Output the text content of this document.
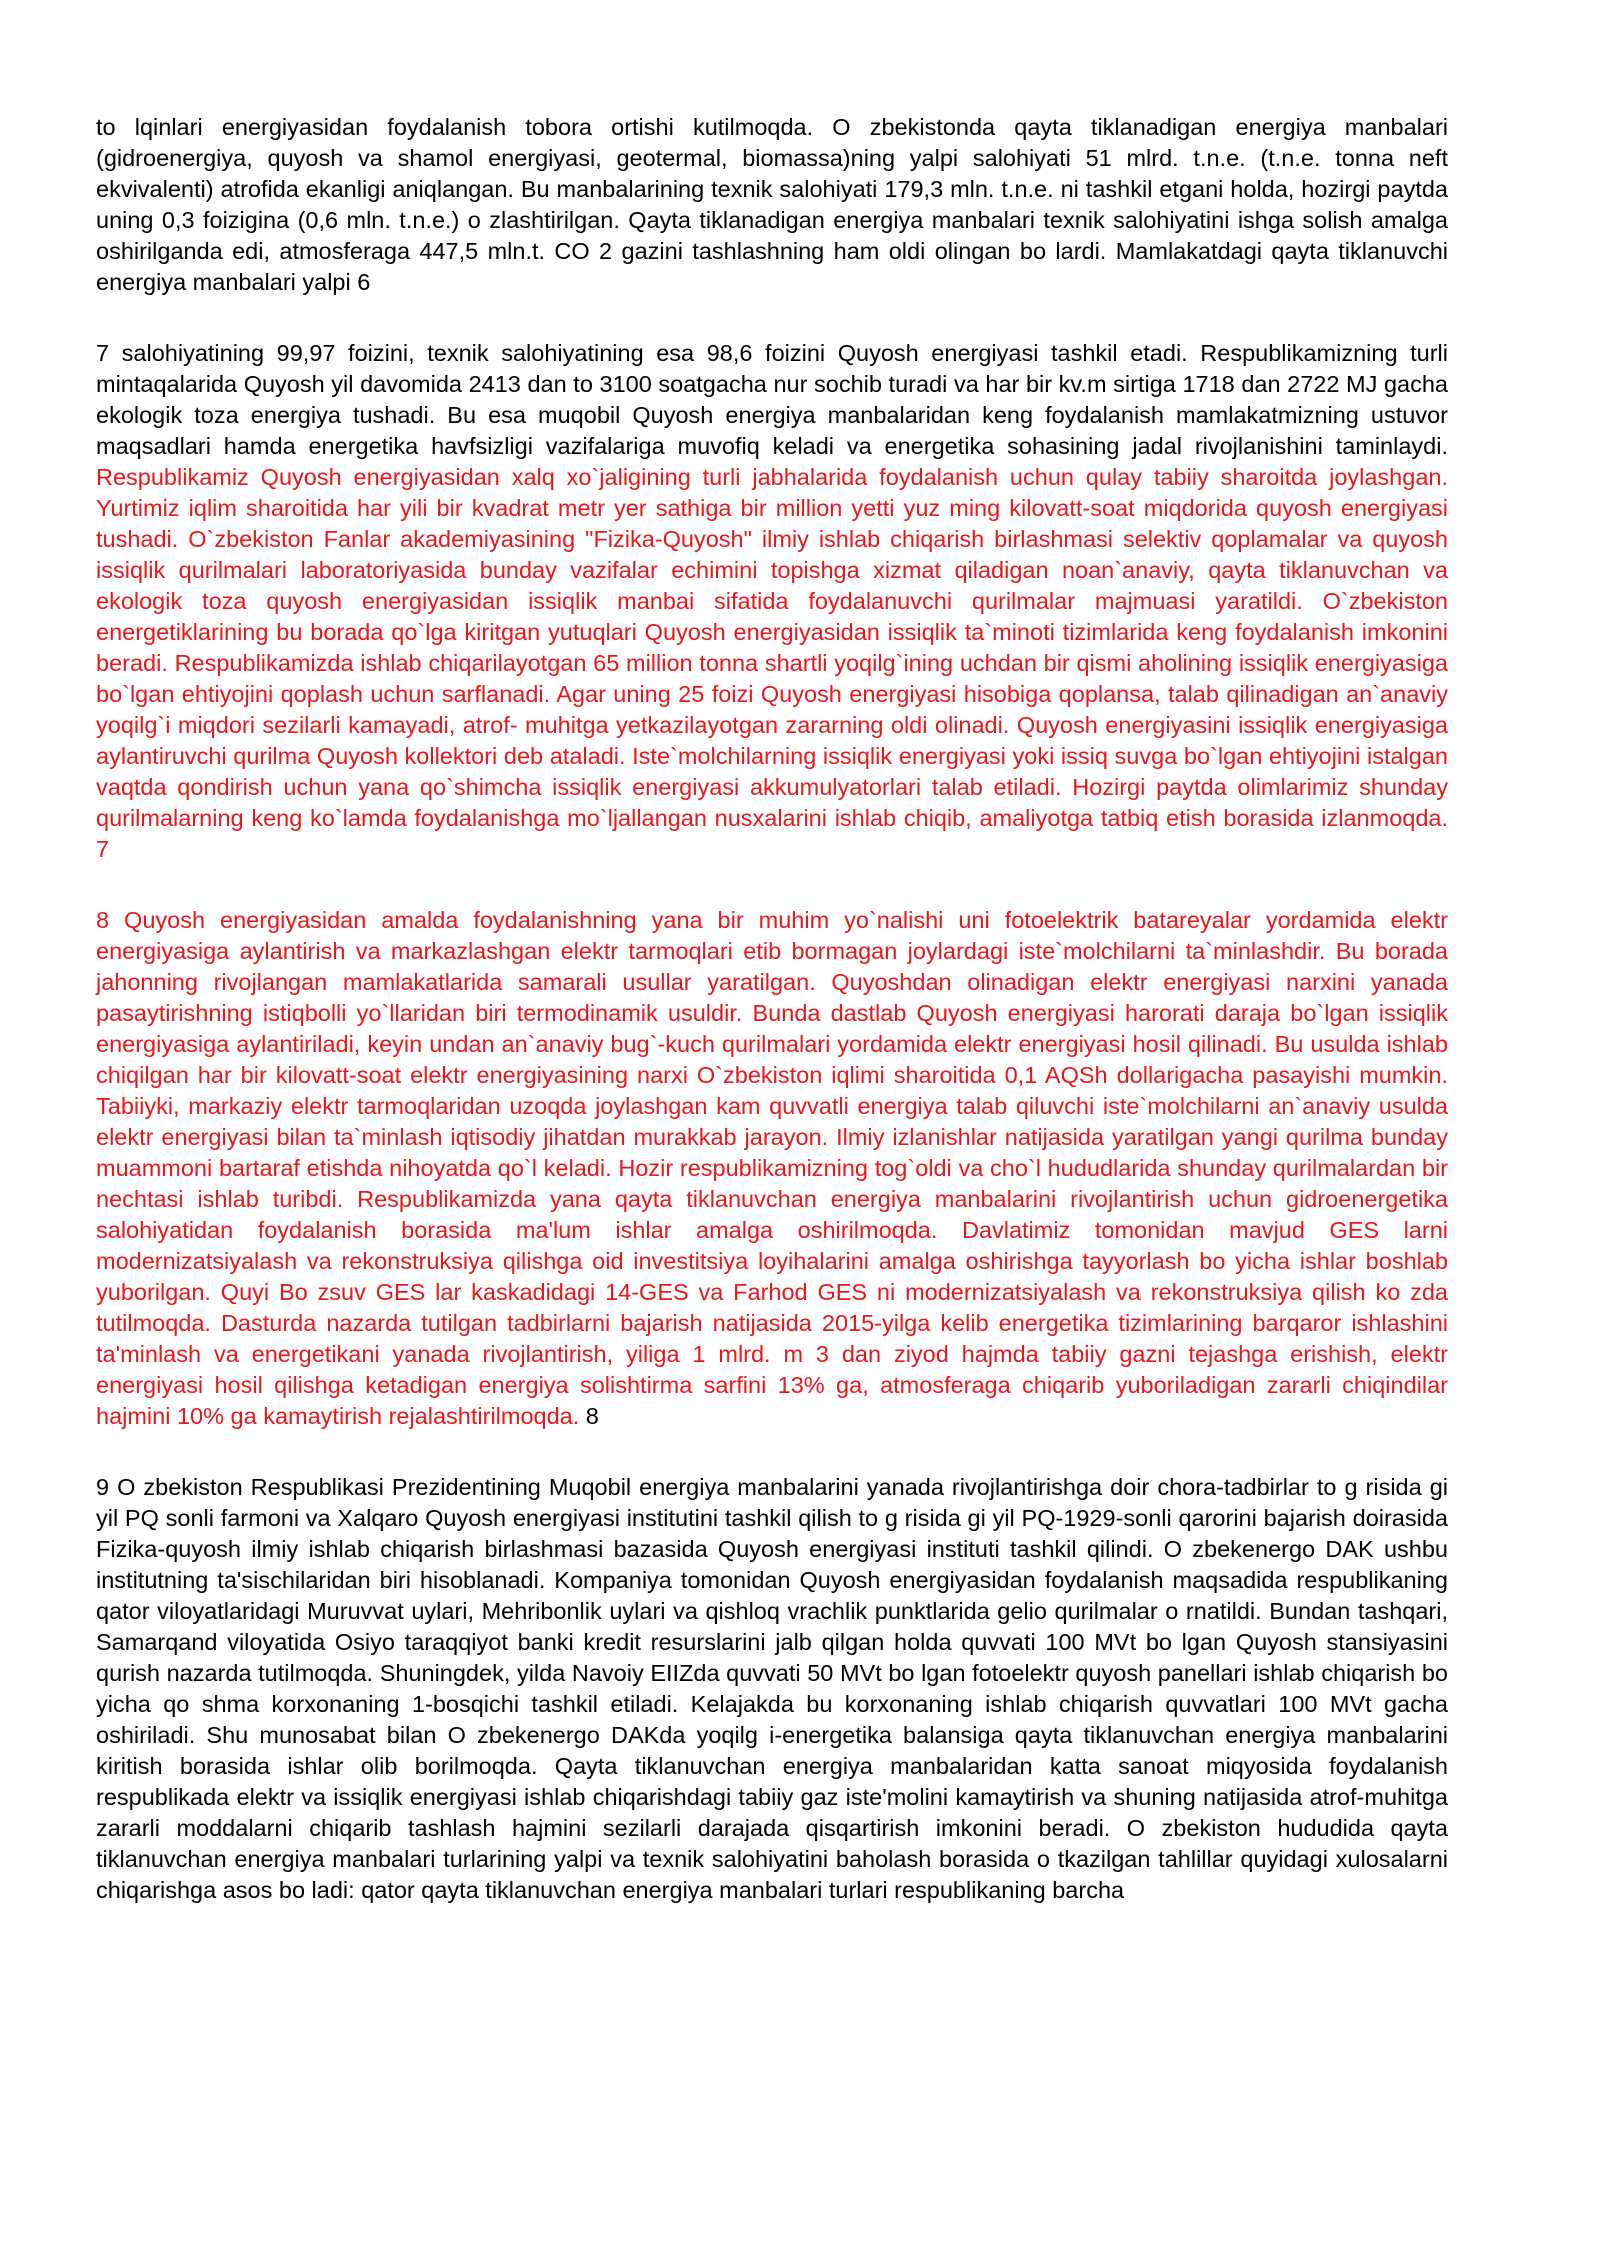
to lqinlari energiyasidan foydalanish tobora ortishi kutilmoqda. O zbekistonda qayta tiklanadigan energiya manbalari (gidroenergiya, quyosh va shamol energiyasi, geotermal, biomassa)ning yalpi salohiyati 51 mlrd. t.n.e. (t.n.e. tonna neft ekvivalenti) atrofida ekanligi aniqlangan. Bu manbalarining texnik salohiyati 179,3 mln. t.n.e. ni tashkil etgani holda, hozirgi paytda uning 0,3 foizigina (0,6 mln. t.n.e.) o zlashtirilgan. Qayta tiklanadigan energiya manbalari texnik salohiyatini ishga solish amalga oshirilganda edi, atmosferaga 447,5 mln.t. CO 2 gazini tashlashning ham oldi olingan bo lardi. Mamlakatdagi qayta tiklanuvchi energiya manbalari yalpi 6

7 salohiyatining 99,97 foizini, texnik salohiyatining esa 98,6 foizini Quyosh energiyasi tashkil etadi. Respublikamizning turli mintaqalarida Quyosh yil davomida 2413 dan to 3100 soatgacha nur sochib turadi va har bir kv.m sirtiga 1718 dan 2722 MJ gacha ekologik toza energiya tushadi. Bu esa muqobil Quyosh energiya manbalaridan keng foydalanish mamlakatmizning ustuvor maqsadlari hamda energetika havfsizligi vazifalariga muvofiq keladi va energetika sohasining jadal rivojlanishini taminlaydi. Respublikamiz Quyosh energiyasidan xalq xo`jaligining turli jabhalarida foydalanish uchun qulay tabiiy sharoitda joylashgan. Yurtimiz iqlim sharoitida har yili bir kvadrat metr yer sathiga bir million yetti yuz ming kilovatt-soat miqdorida quyosh energiyasi tushadi. O`zbekiston Fanlar akademiyasining "Fizika-Quyosh" ilmiy ishlab chiqarish birlashmasi selektiv qoplamalar va quyosh issiqlik qurilmalari laboratoriyasida bunday vazifalar echimini topishga xizmat qiladigan noan`anaviy, qayta tiklanuvchan va ekologik toza quyosh energiyasidan issiqlik manbai sifatida foydalanuvchi qurilmalar majmuasi yaratildi. O`zbekiston energetiklarining bu borada qo`lga kiritgan yutuqlari Quyosh energiyasidan issiqlik ta`minoti tizimlarida keng foydalanish imkonini beradi. Respublikamizda ishlab chiqarilayotgan 65 million tonna shartli yoqilg`ining uchdan bir qismi aholining issiqlik energiyasiga bo`lgan ehtiyojini qoplash uchun sarflanadi. Agar uning 25 foizi Quyosh energiyasi hisobiga qoplansa, talab qilinadigan an`anaviy yoqilg`i miqdori sezilarli kamayadi, atrof- muhitga yetkazilayotgan zararning oldi olinadi. Quyosh energiyasini issiqlik energiyasiga aylantiruvchi qurilma Quyosh kollektori deb ataladi. Iste`molchilarning issiqlik energiyasi yoki issiq suvga bo`lgan ehtiyojini istalgan vaqtda qondirish uchun yana qo`shimcha issiqlik energiyasi akkumulyatorlari talab etiladi. Hozirgi paytda olimlarimiz shunday qurilmalarning keng ko`lamda foydalanishga mo`ljallangan nusxalarini ishlab chiqib, amaliyotga tatbiq etish borasida izlanmoqda. 7

8 Quyosh energiyasidan amalda foydalanishning yana bir muhim yo`nalishi uni fotoelektrik batareyalar yordamida elektr energiyasiga aylantirish va markazlashgan elektr tarmoqlari etib bormagan joylardagi iste`molchilarni ta`minlashdir. Bu borada jahonning rivojlangan mamlakatlarida samarali usullar yaratilgan. Quyoshdan olinadigan elektr energiyasi narxini yanada pasaytirishning istiqbolli yo`llaridan biri termodinamik usuldir. Bunda dastlab Quyosh energiyasi harorati daraja bo`lgan issiqlik energiyasiga aylantiriladi, keyin undan an`anaviy bug`-kuch qurilmalari yordamida elektr energiyasi hosil qilinadi. Bu usulda ishlab chiqilgan har bir kilovatt-soat elektr energiyasining narxi O`zbekiston iqlimi sharoitida 0,1 AQSh dollarigacha pasayishi mumkin. Tabiiyki, markaziy elektr tarmoqlaridan uzoqda joylashgan kam quvvatli energiya talab qiluvchi iste`molchilarni an`anaviy usulda elektr energiyasi bilan ta`minlash iqtisodiy jihatdan murakkab jarayon. Ilmiy izlanishlar natijasida yaratilgan yangi qurilma bunday muammoni bartaraf etishda nihoyatda qo`l keladi. Hozir respublikamizning tog`oldi va cho`l hududlarida shunday qurilmalardan bir nechtasi ishlab turibdi. Respublikamizda yana qayta tiklanuvchan energiya manbalarini rivojlantirish uchun gidroenergetika salohiyatidan foydalanish borasida ma'lum ishlar amalga oshirilmoqda. Davlatimiz tomonidan mavjud GES larni modernizatsiyalash va rekonstruksiya qilishga oid investitsiya loyihalarini amalga oshirishga tayyorlash bo yicha ishlar boshlab yuborilgan. Quyi Bo zsuv GES lar kaskadidagi 14-GES va Farhod GES ni modernizatsiyalash va rekonstruksiya qilish ko zda tutilmoqda. Dasturda nazarda tutilgan tadbirlarni bajarish natijasida 2015-yilga kelib energetika tizimlarining barqaror ishlashini ta'minlash va energetikani yanada rivojlantirish, yiliga 1 mlrd. m 3 dan ziyod hajmda tabiiy gazni tejashga erishish, elektr energiyasi hosil qilishga ketadigan energiya solishtirma sarfini 13% ga, atmosferaga chiqarib yuboriladigan zararli chiqindilar hajmini 10% ga kamaytirish rejalashtirilmoqda. 8

9 O zbekiston Respublikasi Prezidentining Muqobil energiya manbalarini yanada rivojlantirishga doir chora-tadbirlar to g risida gi yil PQ sonli farmoni va Xalqaro Quyosh energiyasi institutini tashkil qilish to g risida gi yil PQ-1929-sonli qarorini bajarish doirasida Fizika-quyosh ilmiy ishlab chiqarish birlashmasi bazasida Quyosh energiyasi instituti tashkil qilindi. O zbekenergo DAK ushbu institutning ta'sischilaridan biri hisoblanadi. Kompaniya tomonidan Quyosh energiyasidan foydalanish maqsadida respublikaning qator viloyatlaridagi Muruvvat uylari, Mehribonlik uylari va qishloq vrachlik punktlarida gelio qurilmalar o rnatildi. Bundan tashqari, Samarqand viloyatida Osiyo taraqqiyot banki kredit resurslarini jalb qilgan holda quvvati 100 MVt bo lgan Quyosh stansiyasini qurish nazarda tutilmoqda. Shuningdek, yilda Navoiy EIIZda quvvati 50 MVt bo lgan fotoelektr quyosh panellari ishlab chiqarish bo yicha qo shma korxonaning 1-bosqichi tashkil etiladi. Kelajakda bu korxonaning ishlab chiqarish quvvatlari 100 MVt gacha oshiriladi. Shu munosabat bilan O zbekenergo DAKda yoqilg i-energetika balansiga qayta tiklanuvchan energiya manbalarini kiritish borasida ishlar olib borilmoqda. Qayta tiklanuvchan energiya manbalaridan katta sanoat miqyosida foydalanish respublikada elektr va issiqlik energiyasi ishlab chiqarishdagi tabiiy gaz iste'molini kamaytirish va shuning natijasida atrof-muhitga zararli moddalarni chiqarib tashlash hajmini sezilarli darajada qisqartirish imkonini beradi. O zbekiston hududida qayta tiklanuvchan energiya manbalari turlarining yalpi va texnik salohiyatini baholash borasida o tkazilgan tahlillar quyidagi xulosalarni chiqarishga asos bo ladi: qator qayta tiklanuvchan energiya manbalari turlari respublikaning barcha
